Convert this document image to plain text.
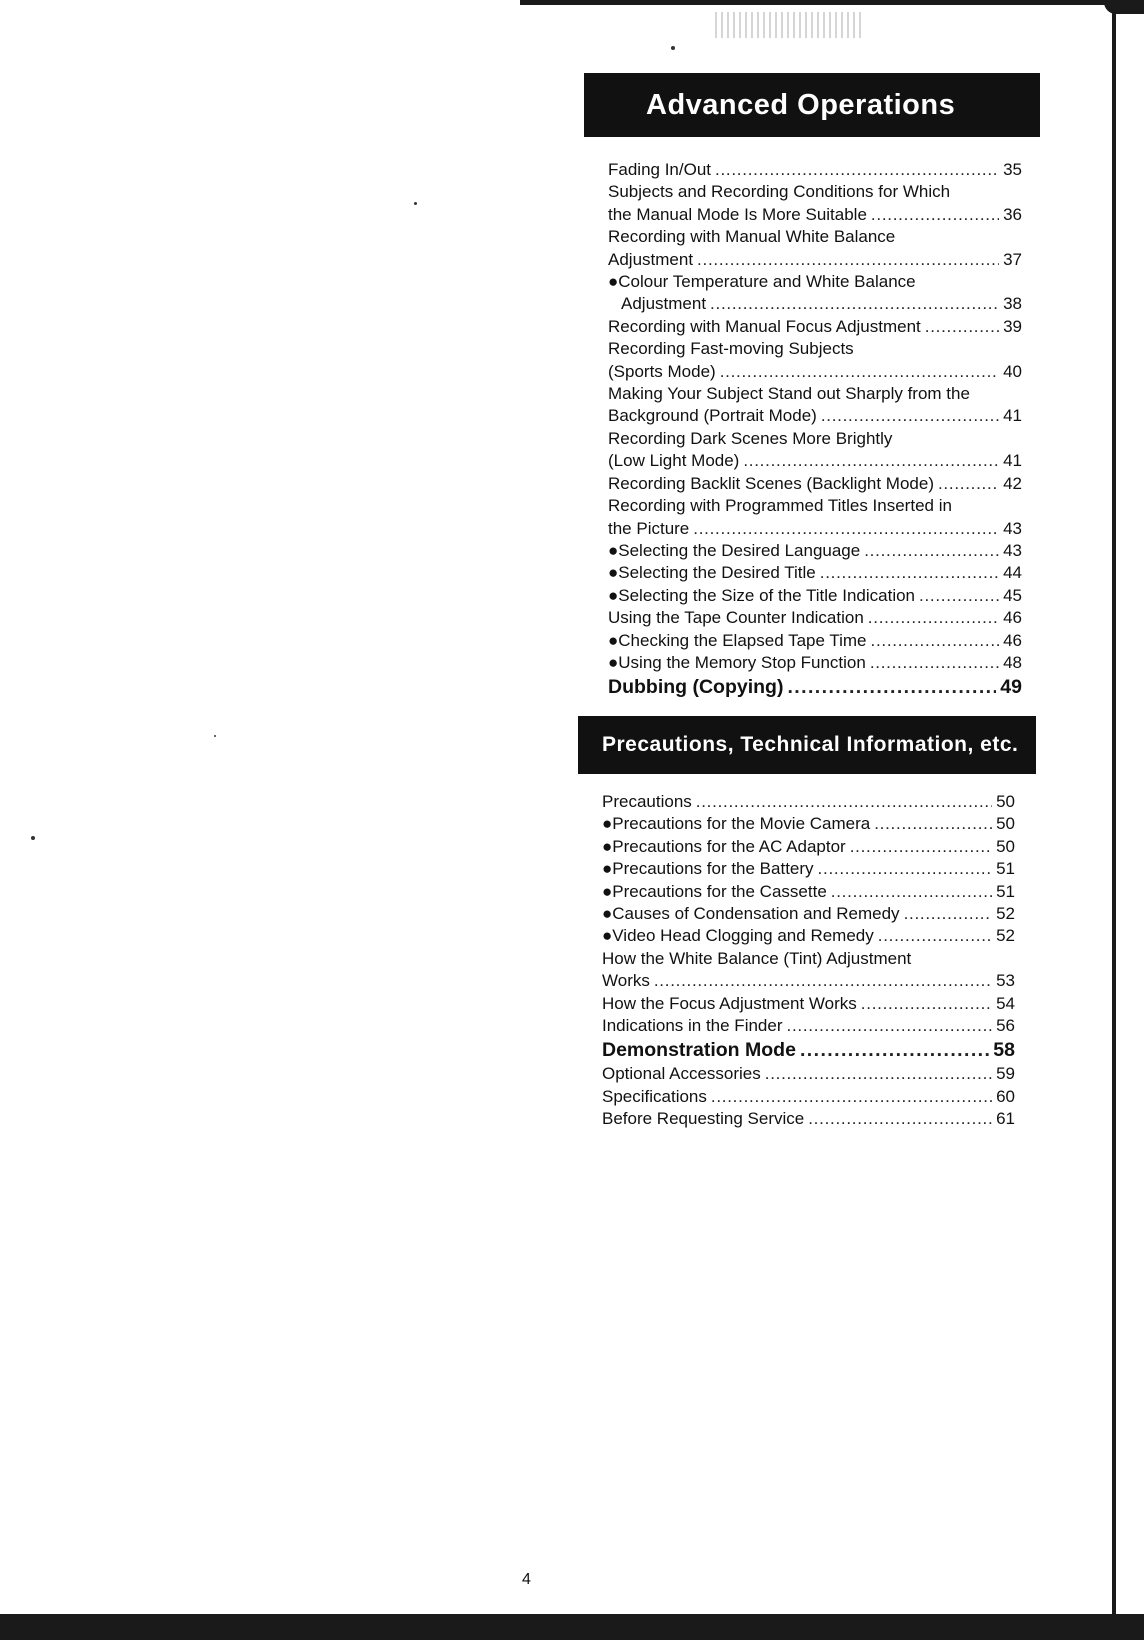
Advanced Operations
Fading In/Out . . .	35
Subjects and Recording Conditions for Which
the Manual Mode Is More Suitable . . .	36
Recording with Manual White Balance
Adjustment . . .	37
●Colour Temperature and White Balance
Adjustment . . .	38
Recording with Manual Focus Adjustment . . .	39
Recording Fast-moving Subjects
(Sports Mode) . . .	40
Making Your Subject Stand out Sharply from the
Background (Portrait Mode) . . .	41
Recording Dark Scenes More Brightly
(Low Light Mode) . . .	41
Recording Backlit Scenes (Backlight Mode) . . .	42
Recording with Programmed Titles Inserted in
the Picture . . .	43
●Selecting the Desired Language . . .	43
●Selecting the Desired Title . . .	44
●Selecting the Size of the Title Indication . . .	45
Using the Tape Counter Indication . . .	46
●Checking the Elapsed Tape Time . . .	46
●Using the Memory Stop Function . . .	48
Dubbing (Copying) . . .	49
Precautions, Technical Information, etc.
Precautions . . .	50
●Precautions for the Movie Camera . . .	50
●Precautions for the AC Adaptor . . .	50
●Precautions for the Battery . . .	51
●Precautions for the Cassette . . .	51
●Causes of Condensation and Remedy . . .	52
●Video Head Clogging and Remedy . . .	52
How the White Balance (Tint) Adjustment
Works . . .	53
How the Focus Adjustment Works . . .	54
Indications in the Finder . . .	56
Demonstration Mode . . .	58
Optional Accessories . . .	59
Specifications . . .	60
Before Requesting Service . . .	61
4
